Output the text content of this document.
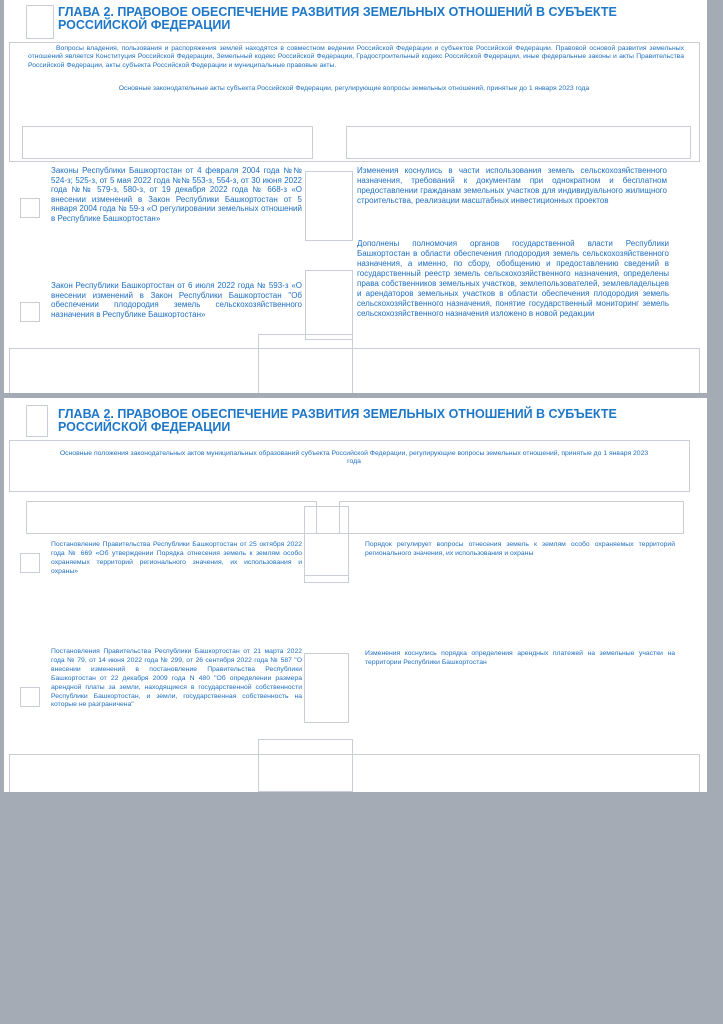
ГЛАВА 2. ПРАВОВОЕ ОБЕСПЕЧЕНИЕ РАЗВИТИЯ ЗЕМЕЛЬНЫХ ОТНОШЕНИЙ В СУБЪЕКТЕ РОССИЙСКОЙ ФЕДЕРАЦИИ
Вопросы владения, пользования и распоряжения землей находятся в совместном ведении Российской Федерации и субъектов Российской Федерации. Правовой основой развития земельных отношений является Конституция Российской Федерации, Земельный кодекс Российской Федерации, Градостроительный кодекс Российской Федерации, иные федеральные законы и акты Правительства Российской Федерации, акты субъекта Российской Федерации и муниципальные правовые акты.
Основные законодательные акты субъекта Российской Федерации, регулирующие вопросы земельных отношений, принятые до 1 января 2023 года
Законы Республики Башкортостан от 4 февраля 2004 года №№ 524-з; 525-з, от 5 мая 2022 года №№ 553-з, 554-з, от 30 июня 2022 года №№ 579-з, 580-з, от 19 декабря 2022 года № 668-з «О внесении изменений в Закон Республики Башкортостан от 5 января 2004 года № 59-з «О регулировании земельных отношений в Республике Башкортостан»
Изменения коснулись в части использования земель сельскохозяйственного назначения, требований к документам при однократном и бесплатном предоставлении гражданам земельных участков для индивидуального жилищного строительства, реализации масштабных инвестиционных проектов
Закон Республики Башкортостан от 6 июля 2022 года № 593-з «О внесении изменений в Закон Республики Башкортостан "Об обеспечении плодородия земель сельскохозяйственного назначения в Республике Башкортостан»
Дополнены полномочия органов государственной власти Республики Башкортостан в области обеспечения плодородия земель сельскохозяйственного назначения, а именно, по сбору, обобщению и предоставлению сведений в государственный реестр земель сельскохозяйственного назначения, определены права собственников земельных участков, землепользователей, землевладельцев и арендаторов земельных участков в области обеспечения плодородия земель сельскохозяйственного назначения, понятие государственный мониторинг земель сельскохозяйственного назначения изложено в новой редакции
ГЛАВА 2. ПРАВОВОЕ ОБЕСПЕЧЕНИЕ РАЗВИТИЯ ЗЕМЕЛЬНЫХ ОТНОШЕНИЙ В СУБЪЕКТЕ РОССИЙСКОЙ ФЕДЕРАЦИИ
Основные положения законодательных актов муниципальных образований субъекта Российской Федерации, регулирующие вопросы земельных отношений, принятые до 1 января 2023 года
Постановление Правительства Республики Башкортостан от 25 октября 2022 года № 669 «Об утверждении Порядка отнесения земель к землям особо охраняемых территорий регионального значения, их использования и охраны»
Порядок регулирует вопросы отнесения земель к землям особо охраняемых территорий регионального значения, их использования и охраны
Постановления Правительства Республики Башкортостан от 21 марта 2022 года № 79, от 14 июня 2022 года № 299, от 26 сентября 2022 года № 587 "О внесении изменений в постановление Правительства Республики Башкортостан от 22 декабря 2009 года N 480 "Об определении размера арендной платы за земли, находящиеся в государственной собственности Республики Башкортостан, и земли, государственная собственность на которые не разграничена"
Изменения коснулись порядка определения арендных платежей на земельные участки на территории Республики Башкортостан
